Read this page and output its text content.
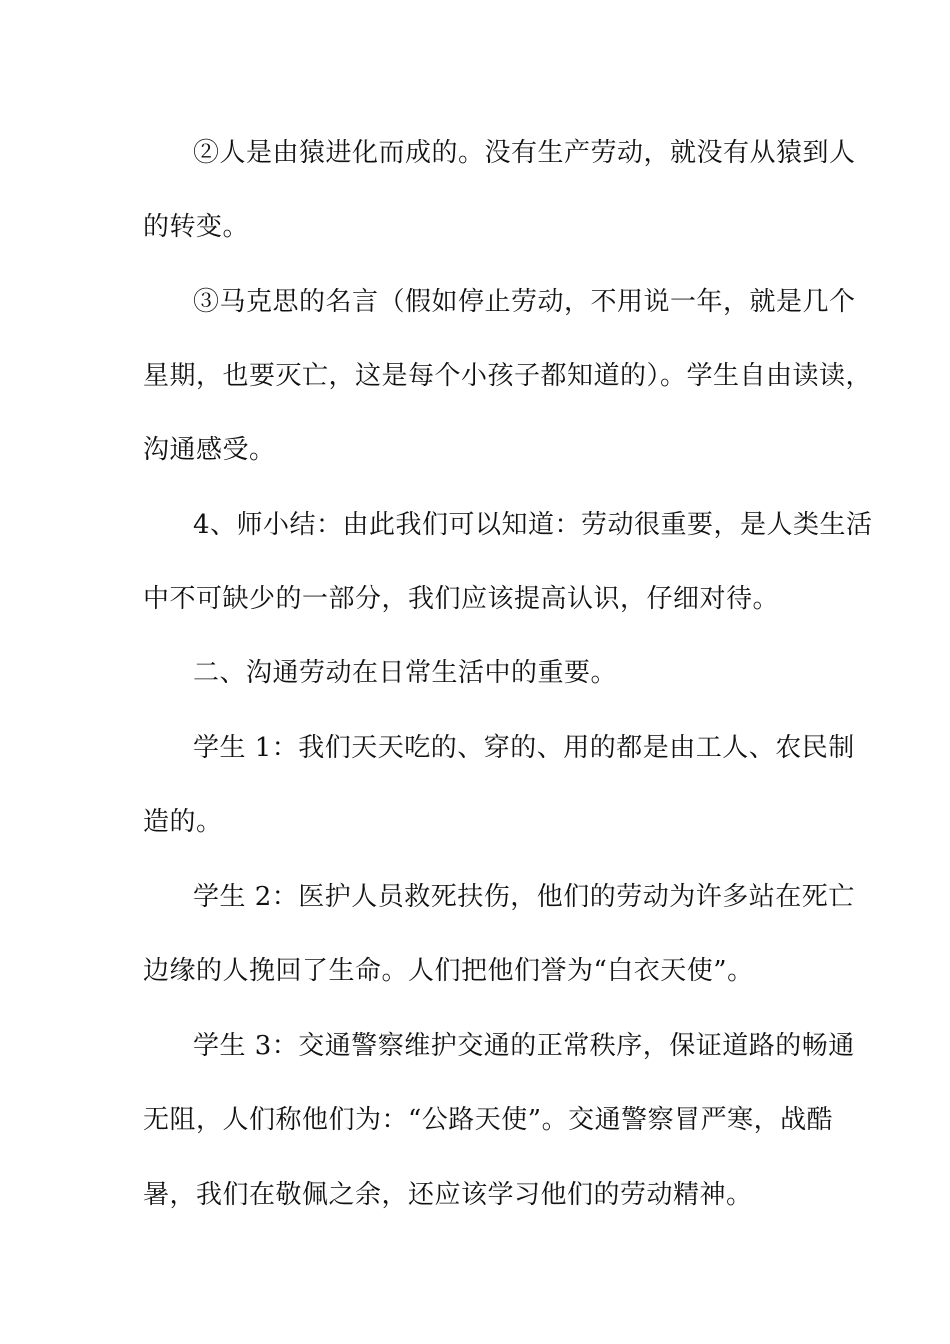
②人是由猿进化而成的。没有生产劳动，就没有从猿到人

的转变。

③马克思的名言（假如停止劳动，不用说一年，就是几个

星期，也要灭亡，这是每个小孩子都知道的）。学生自由读读，

沟通感受。

4、师小结：由此我们可以知道：劳动很重要，是人类生活

中不可缺少的一部分，我们应该提高认识，仔细对待。

二、沟通劳动在日常生活中的重要。

学生 1：我们天天吃的、穿的、用的都是由工人、农民制

造的。

学生 2：医护人员救死扶伤，他们的劳动为许多站在死亡

边缘的人挽回了生命。人们把他们誉为“白衣天使”。

学生 3：交通警察维护交通的正常秩序，保证道路的畅通

无阻，人们称他们为：“公路天使”。交通警察冒严寒，战酷

暑，我们在敬佩之余，还应该学习他们的劳动精神。
